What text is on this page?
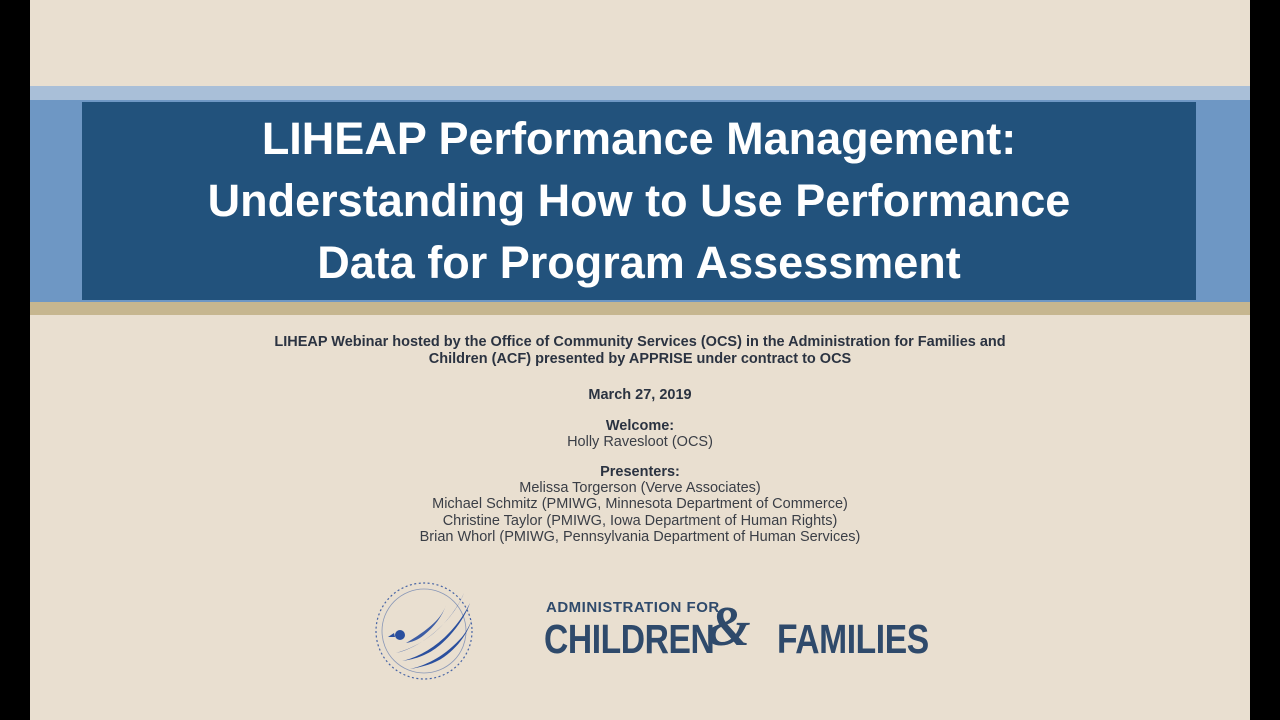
LIHEAP Performance Management:
Understanding How to Use Performance
Data for Program Assessment
LIHEAP Webinar hosted by the Office of Community Services (OCS) in the Administration for Families and
Children (ACF) presented by APPRISE under contract to OCS
March 27, 2019
Welcome:
Holly Ravesloot (OCS)
Presenters:
Melissa Torgerson (Verve Associates)
Michael Schmitz (PMIWG, Minnesota Department of Commerce)
Christine Taylor (PMIWG, Iowa Department of Human Rights)
Brian Whorl (PMIWG, Pennsylvania Department of Human Services)
ADMINISTRATION FOR
CHILDREN
& FAMILIES
